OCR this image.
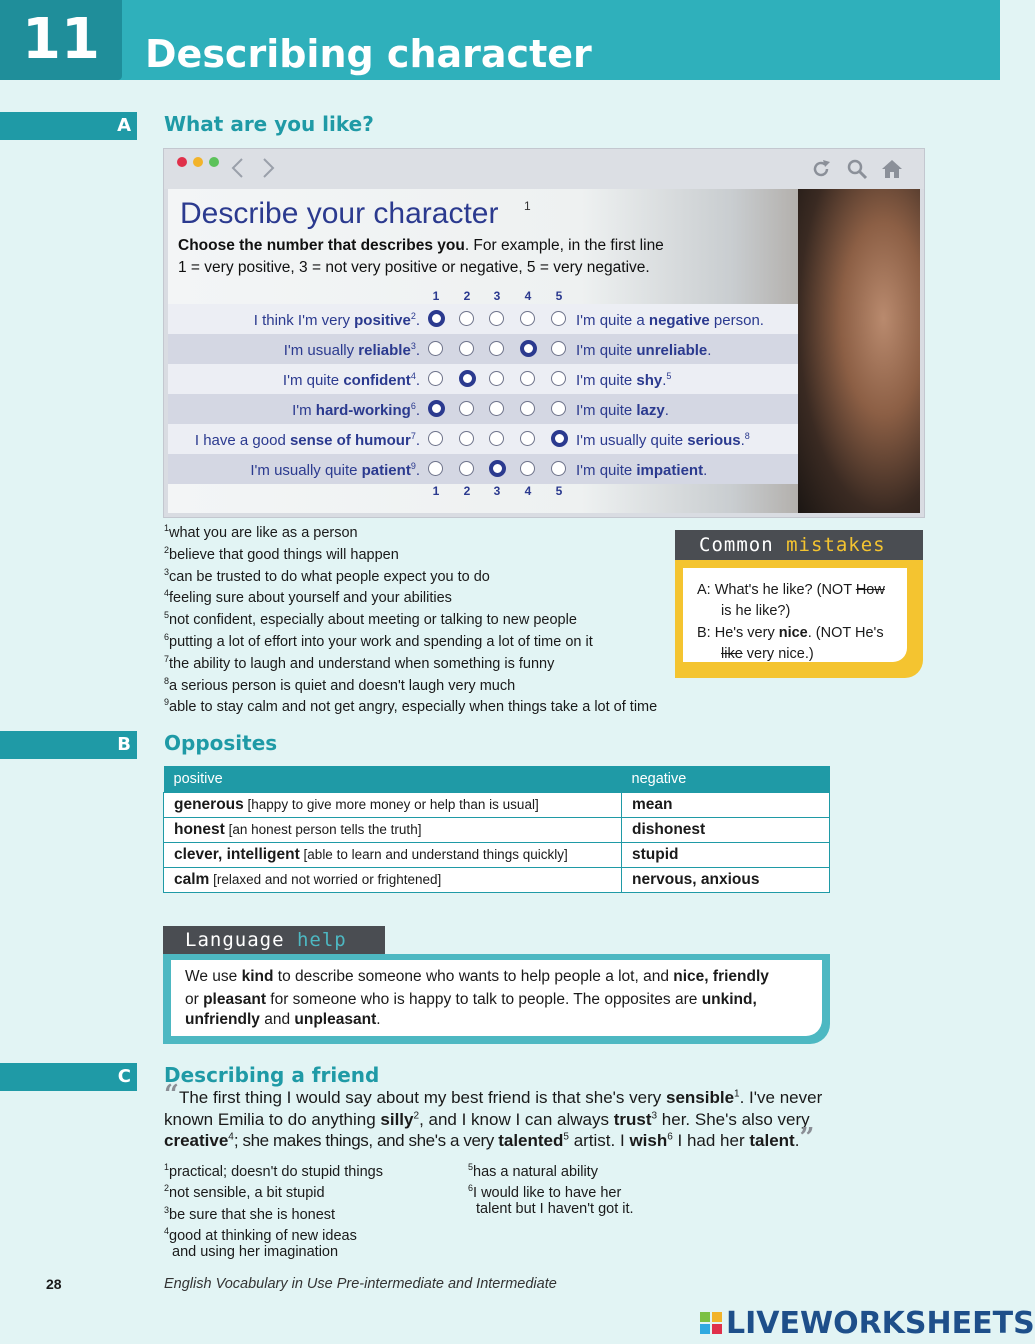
11	Describing character
A What are you like?
Describe your character 1
Choose the number that describes you. For example, in the first line
1 = very positive, 3 = not very positive or negative, 5 = very negative.
1	2	3	4	5
I think I'm very positive$^2$.	I'm quite a negative person.
I'm usually reliable$^3$.	I'm quite unreliable.
I'm quite confident$^4$.	I'm quite shy.$^5$
I'm hard-working$^6$.	I'm quite lazy.
I have a good sense of humour$^7$.	I'm usually quite serious.$^8$
I'm usually quite patient$^9$.	I'm quite impatient.
1	2	3	4	5
$^1$what you are like as a person
$^2$believe that good things will happen
$^3$can be trusted to do what people expect you to do
$^4$feeling sure about yourself and your abilities
$^5$not confident, especially about meeting or talking to new people
$^6$putting a lot of effort into your work and spending a lot of time on it
$^7$the ability to laugh and understand when something is funny
$^8$a serious person is quiet and doesn't laugh very much
$^9$able to stay calm and not get angry, especially when things take a lot of time
Common mistakes
A: What's he like? (NOT How
is he like?)
B: He's very nice. (NOT He's
like very nice.)
B Opposites
positive	negative
generous [happy to give more money or help than is usual]	mean
honest [an honest person tells the truth]	dishonest
clever, intelligent [able to learn and understand things quickly]	stupid
calm [relaxed and not worried or frightened]	nervous, anxious
Language help
We use kind to describe someone who wants to help people a lot, and nice, friendly
or pleasant for someone who is happy to talk to people. The opposites are unkind,
unfriendly and unpleasant.
C Describing a friend
“The first thing I would say about my best friend is that she's very sensible$^1$. I've never
known Emilia to do anything silly$^2$, and I know I can always trust$^3$ her. She's also very
creative$^4$; she makes things, and she's a very talented$^5$ artist. I wish$^6$ I had her talent.”
$^1$practical; doesn't do stupid things
$^2$not sensible, a bit stupid
$^3$be sure that she is honest
$^4$good at thinking of new ideas
and using her imagination
$^5$has a natural ability
$^6$I would like to have her
talent but I haven't got it.
28	English Vocabulary in Use Pre-intermediate and Intermediate
LIVEWORKSHEETS
